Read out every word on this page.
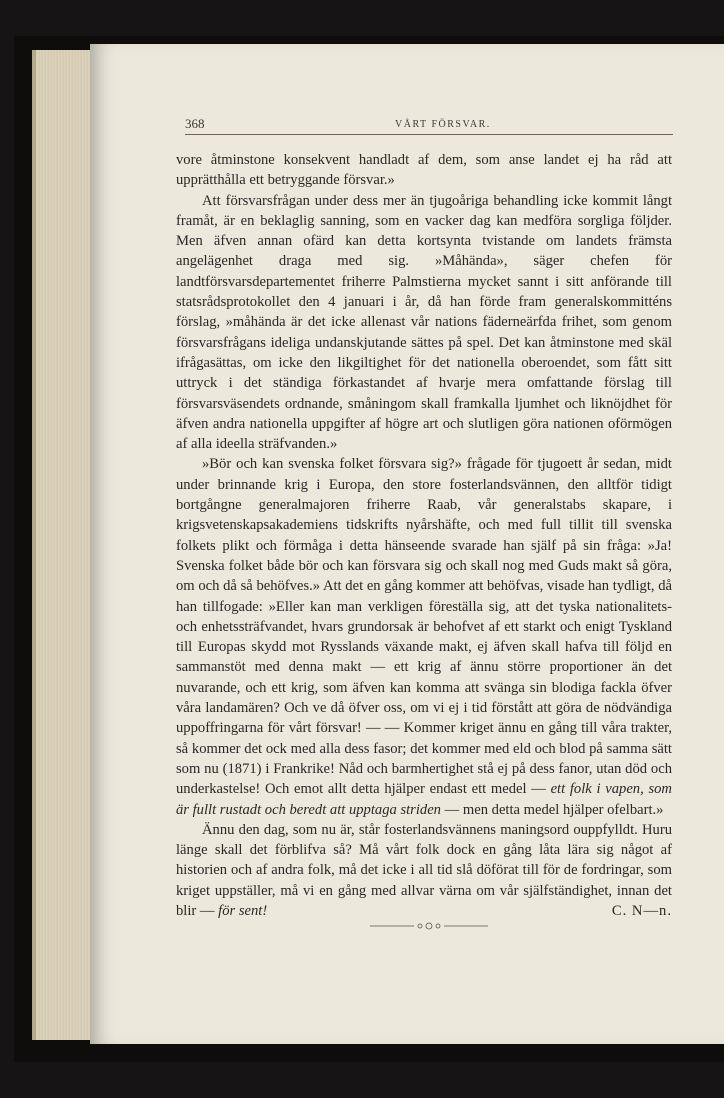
368	VÅRT FÖRSVAR.

vore åtminstone konsekvent handladt af dem, som anse landet ej ha råd att upprätthålla ett betryggande försvar.»

Att försvarsfrågan under dess mer än tjugoåriga behandling icke kommit långt framåt, är en beklaglig sanning, som en vacker dag kan medföra sorgliga följder. Men äfven annan ofärd kan detta kortsynta tvistande om landets främsta angelägenhet draga med sig. »Måhända», säger chefen för landtförsvarsdepartementet friherre Palmstierna mycket sannt i sitt anförande till statsrådsprotokollet den 4 januari i år, då han förde fram generalskommitténs förslag, »måhända är det icke allenast vår nations fäderneärfda frihet, som genom försvarsfrågans ideliga undanskjutande sättes på spel. Det kan åtminstone med skäl ifrågasättas, om icke den likgiltighet för det nationella oberoendet, som fått sitt uttryck i det ständiga förkastandet af hvarje mera omfattande förslag till försvarsväsendets ordnande, småningom skall framkalla ljumhet och liknöjdhet för äfven andra nationella uppgifter af högre art och slutligen göra nationen oförmögen af alla ideella sträfvanden.»

»Bör och kan svenska folket försvara sig?» frågade för tjugoett år sedan, midt under brinnande krig i Europa, den store fosterlandsvännen, den alltför tidigt bortgångne generalmajoren friherre Raab, vår generalstabs skapare, i krigsvetenskapsakademiens tidskrifts nyårshäfte, och med full tillit till svenska folkets plikt och förmåga i detta hänseende svarade han själf på sin fråga: »Ja! Svenska folket både bör och kan försvara sig och skall nog med Guds makt så göra, om och då så behöfves.» Att det en gång kommer att behöfvas, visade han tydligt, då han tillfogade: »Eller kan man verkligen föreställa sig, att det tyska nationalitets- och enhetssträfvandet, hvars grundorsak är behofvet af ett starkt och enigt Tyskland till Europas skydd mot Rysslands växande makt, ej äfven skall hafva till följd en sammanstöt med denna makt — ett krig af ännu större proportioner än det nuvarande, och ett krig, som äfven kan komma att svänga sin blodiga fackla öfver våra landamären? Och ve då öfver oss, om vi ej i tid förstått att göra de nödvändiga uppoffringarna för vårt försvar! — — Kommer kriget ännu en gång till våra trakter, så kommer det ock med alla dess fasor; det kommer med eld och blod på samma sätt som nu (1871) i Frankrike! Nåd och barmhertighet stå ej på dess fanor, utan död och underkastelse! Och emot allt detta hjälper endast ett medel — ett folk i vapen, som är fullt rustadt och beredt att upptaga striden — men detta medel hjälper ofelbart.»

Ännu den dag, som nu är, står fosterlandsvännens maningsord ouppfylldt. Huru länge skall det förblifva så? Må vårt folk dock en gång låta lära sig något af historien och af andra folk, må det icke i all tid slå döförat till för de fordringar, som kriget uppställer, må vi en gång med allvar värna om vår själfständighet, innan det blir — för sent!	C. N—n.
